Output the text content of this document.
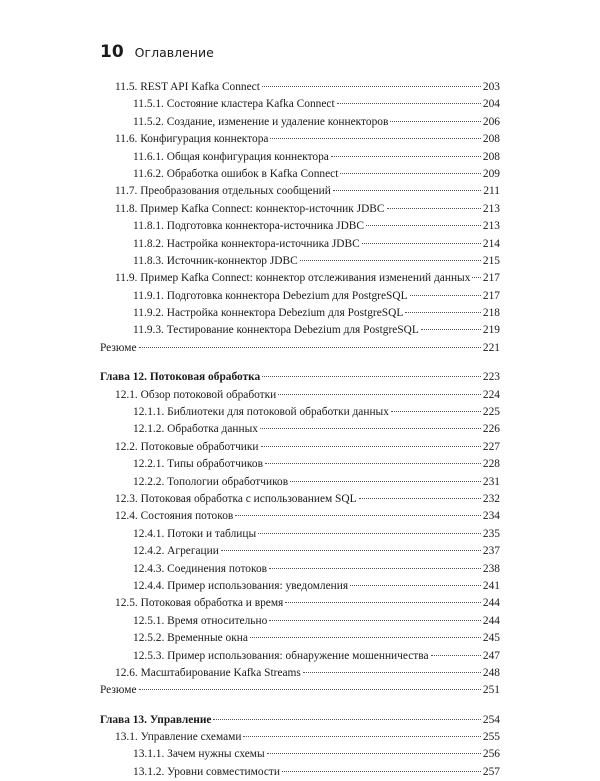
10 Оглавление
11.5. REST API Kafka Connect	203
11.5.1. Состояние кластера Kafka Connect	204
11.5.2. Создание, изменение и удаление коннекторов	206
11.6. Конфигурация коннектора	208
11.6.1. Общая конфигурация коннектора	208
11.6.2. Обработка ошибок в Kafka Connect	209
11.7. Преобразования отдельных сообщений	211
11.8. Пример Kafka Connect: коннектор-источник JDBC	213
11.8.1. Подготовка коннектора-источника JDBC	213
11.8.2. Настройка коннектора-источника JDBC	214
11.8.3. Источник-коннектор JDBC	215
11.9. Пример Kafka Connect: коннектор отслеживания изменений данных 217
11.9.1. Подготовка коннектора Debezium для PostgreSQL	217
11.9.2. Настройка коннектора Debezium для PostgreSQL	218
11.9.3. Тестирование коннектора Debezium для PostgreSQL	219
Резюме	221
Глава 12. Потоковая обработка	223
12.1. Обзор потоковой обработки	224
12.1.1. Библиотеки для потоковой обработки данных	225
12.1.2. Обработка данных	226
12.2. Потоковые обработчики	227
12.2.1. Типы обработчиков	228
12.2.2. Топологии обработчиков	231
12.3. Потоковая обработка с использованием SQL	232
12.4. Состояния потоков	234
12.4.1. Потоки и таблицы	235
12.4.2. Агрегации	237
12.4.3. Соединения потоков	238
12.4.4. Пример использования: уведомления	241
12.5. Потоковая обработка и время	244
12.5.1. Время относительно	244
12.5.2. Временные окна	245
12.5.3. Пример использования: обнаружение мошенничества	247
12.6. Масштабирование Kafka Streams	248
Резюме	251
Глава 13. Управление	254
13.1. Управление схемами	255
13.1.1. Зачем нужны схемы	256
13.1.2. Уровни совместимости	257
